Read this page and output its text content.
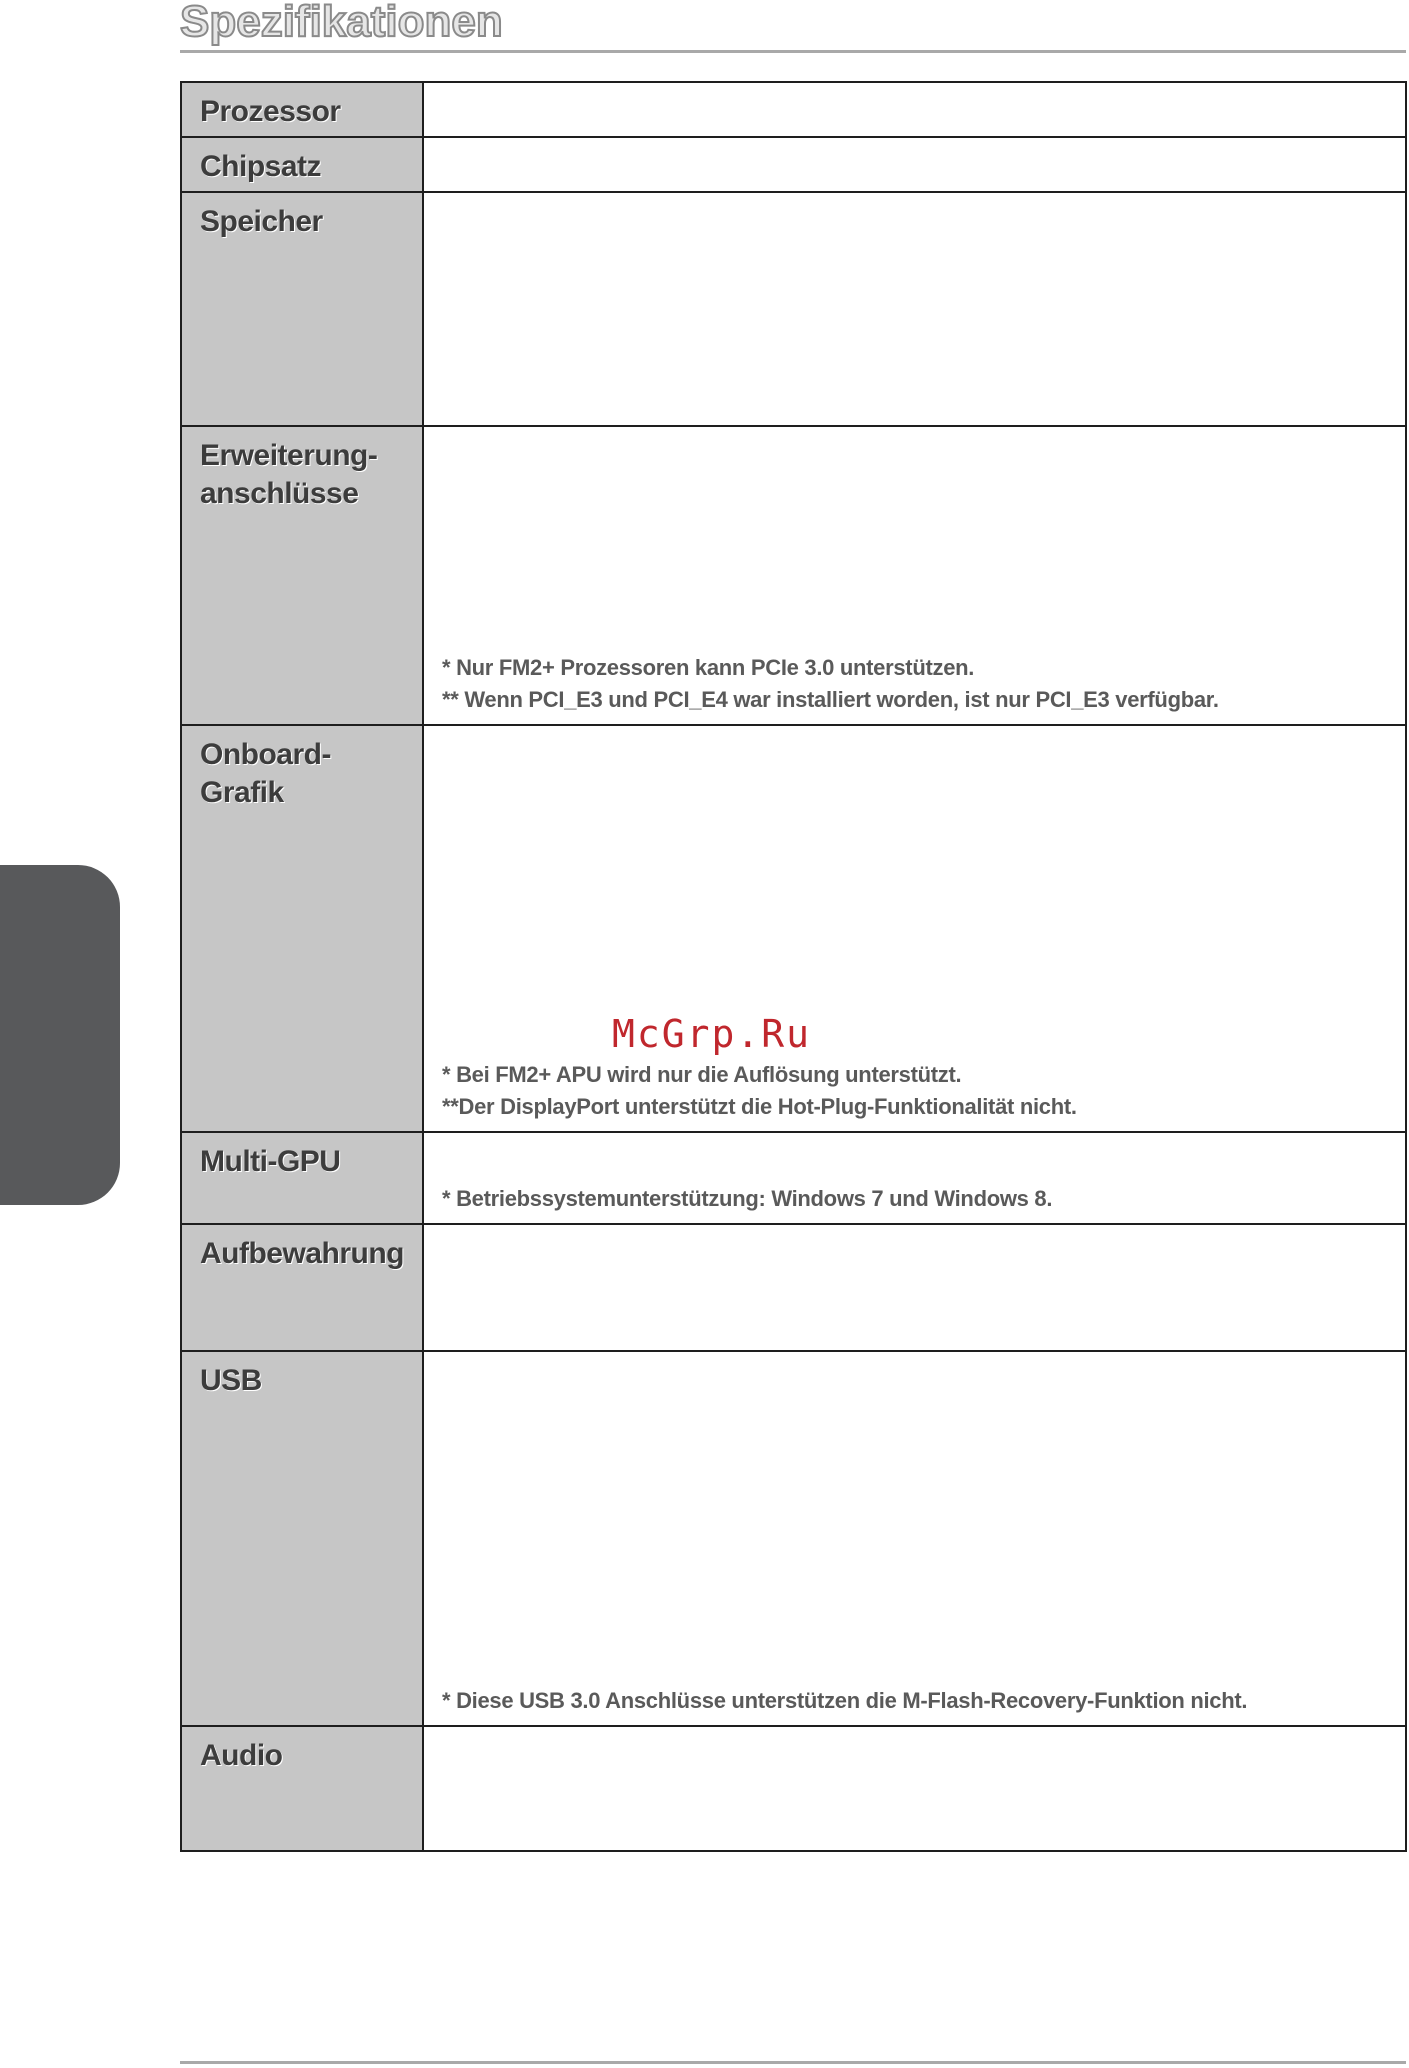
Spezifikationen
Prozessor	

Chipsatz	

Speicher	

Erweiterung-
anschlüsse	* Nur FM2+ Prozessoren kann PCIe 3.0 unterstützen.
** Wenn PCI_E3 und PCI_E4 war installiert worden, ist nur PCI_E3 verfügbar.

Onboard-
Grafik	* Bei FM2+ APU wird nur die Auflösung unterstützt.
**Der DisplayPort unterstützt die Hot-Plug-Funktionalität nicht.

Multi-GPU	* Betriebssystemunterstützung: Windows 7 und Windows 8.

Aufbewahrung	

USB	* Diese USB 3.0 Anschlüsse unterstützen die M-Flash-Recovery-Funktion nicht.

Audio	

McGrp.Ru
